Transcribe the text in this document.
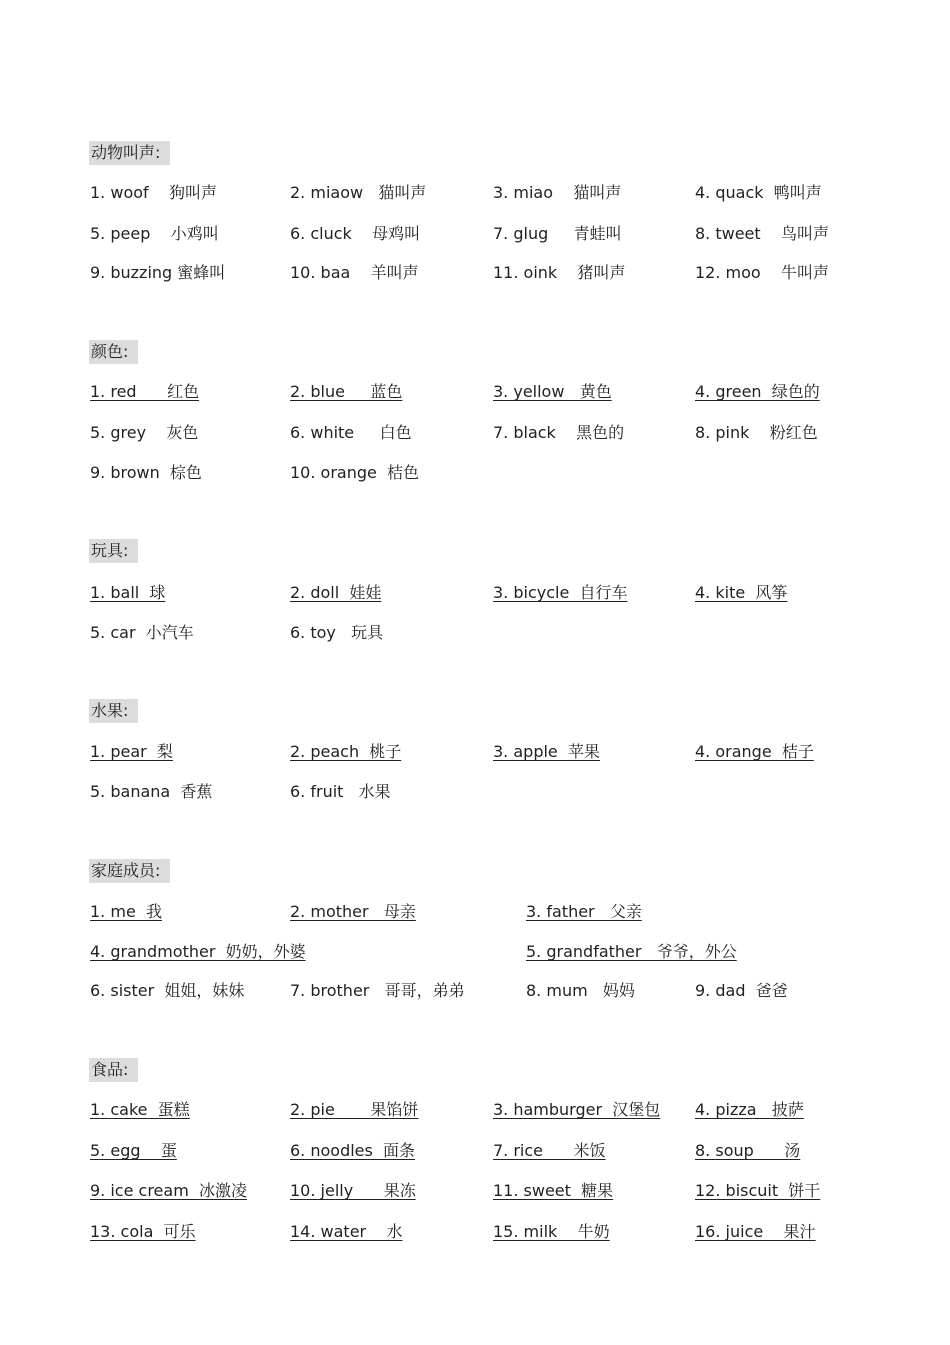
动物叫声:
1. woof    狗叫声	2. miaow   猫叫声	3. miao    猫叫声	4. quack  鸭叫声
5. peep    小鸡叫	6. cluck    母鸡叫	7. glug     青蛙叫	8. tweet    鸟叫声
9. buzzing 蜜蜂叫	10. baa    羊叫声	11. oink    猪叫声	12. moo    牛叫声
颜色:
1. red      红色	2. blue     蓝色	3. yellow   黄色	4. green  绿色的
5. grey    灰色	6. white     白色	7. black    黑色的	8. pink    粉红色
9. brown  棕色	10. orange  桔色
玩具:
1. ball  球	2. doll  娃娃	3. bicycle  自行车	4. kite  风筝
5. car  小汽车	6. toy   玩具
水果:
1. pear  梨	2. peach  桃子	3. apple  苹果	4. orange  桔子
5. banana  香蕉	6. fruit   水果
家庭成员:
1. me  我	2. mother   母亲	3. father   父亲
4. grandmother  奶奶，外婆	5. grandfather   爷爷，外公
6. sister  姐姐，妹妹	7. brother   哥哥，弟弟	8. mum   妈妈	9. dad  爸爸
食品:
1. cake  蛋糕	2. pie       果馅饼	3. hamburger  汉堡包 4. pizza   披萨
5. egg    蛋	6. noodles  面条	7. rice      米饭	8. soup      汤
9. ice cream  冰激凌	10. jelly      果冻	11. sweet  糖果	12. biscuit  饼干
13. cola  可乐	14. water    水	15. milk    牛奶	16. juice    果汁
